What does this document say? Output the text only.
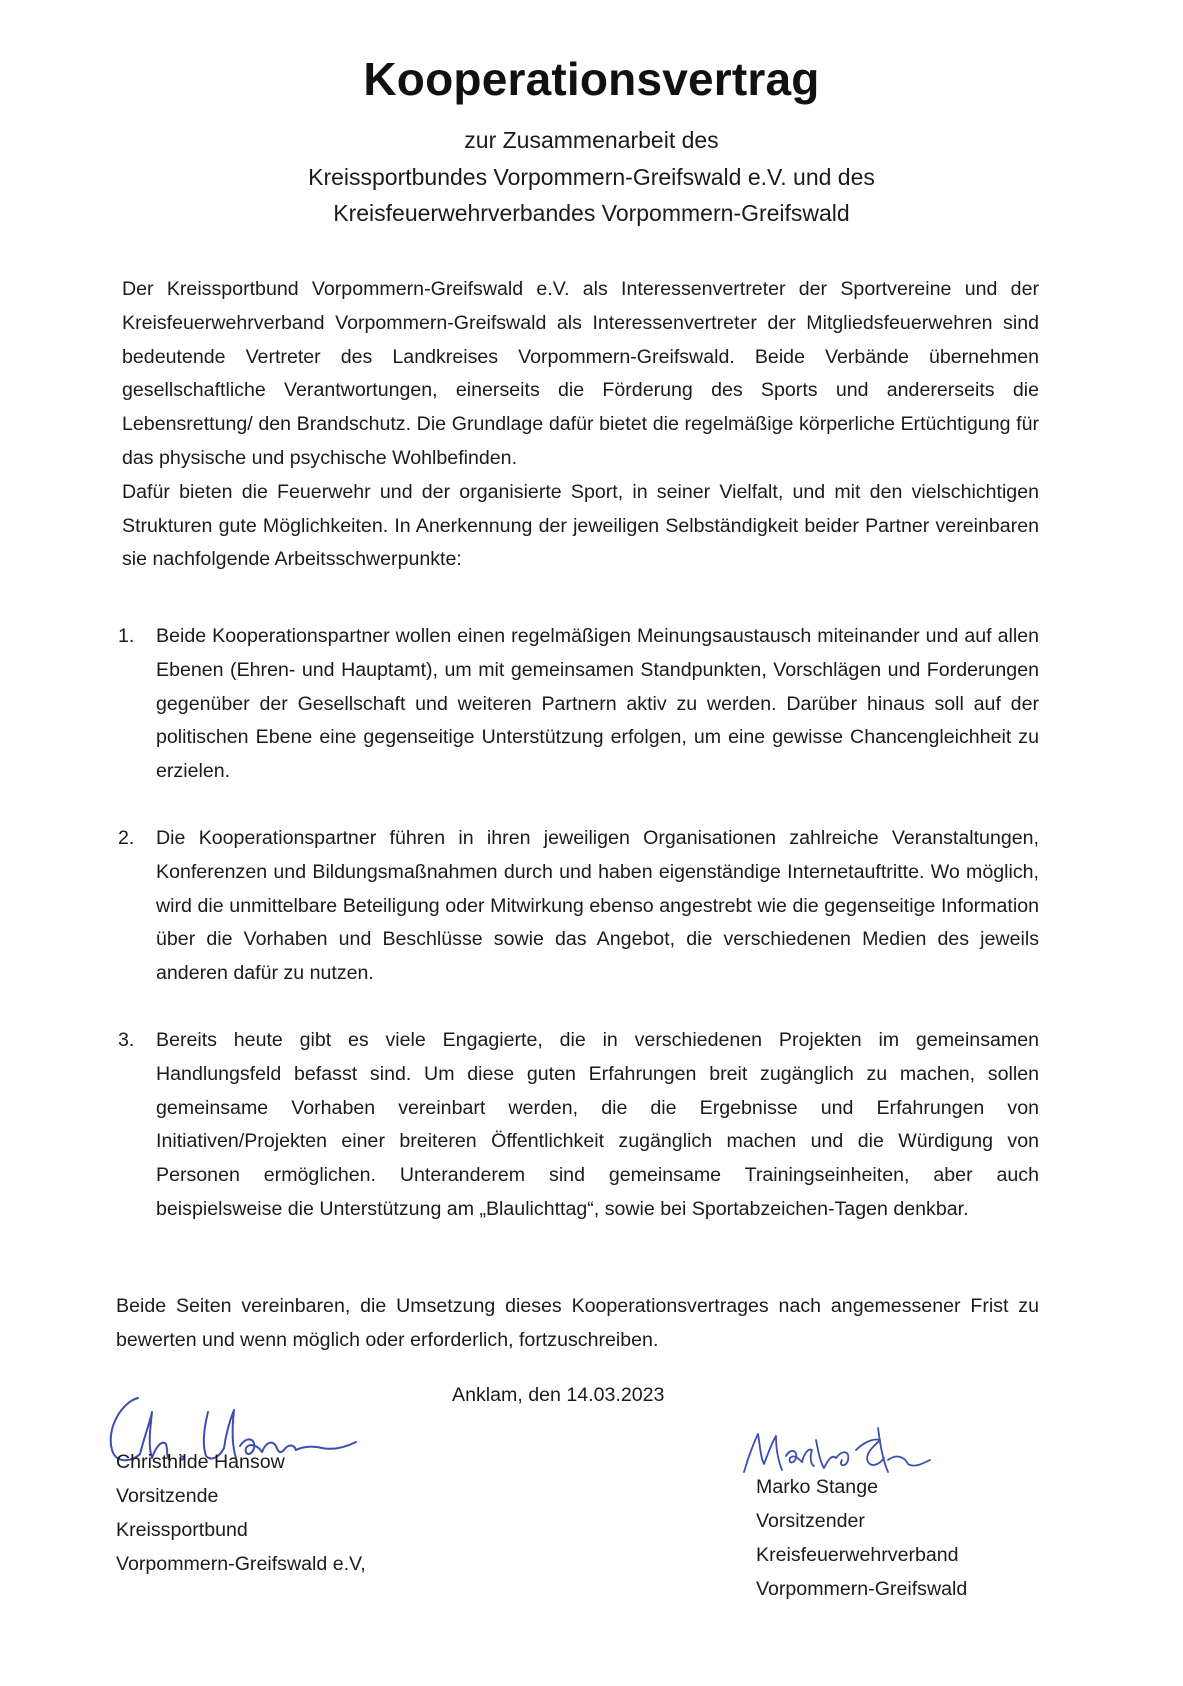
Kooperationsvertrag
zur Zusammenarbeit des
Kreissportbundes Vorpommern-Greifswald e.V. und des
Kreisfeuerwehrverbandes Vorpommern-Greifswald

Der Kreissportbund Vorpommern-Greifswald e.V. als Interessenvertreter der Sportvereine und der Kreisfeuerwehrverband Vorpommern-Greifswald als Interessenvertreter der Mitgliedsfeuerwehren sind bedeutende Vertreter des Landkreises Vorpommern-Greifswald. Beide Verbände übernehmen gesellschaftliche Verantwortungen, einerseits die Förderung des Sports und andererseits die Lebensrettung/ den Brandschutz. Die Grundlage dafür bietet die regelmäßige körperliche Ertüchtigung für das physische und psychische Wohlbefinden.

Dafür bieten die Feuerwehr und der organisierte Sport, in seiner Vielfalt, und mit den vielschichtigen Strukturen gute Möglichkeiten. In Anerkennung der jeweiligen Selbständigkeit beider Partner vereinbaren sie nachfolgende Arbeitsschwerpunkte:

1. Beide Kooperationspartner wollen einen regelmäßigen Meinungsaustausch miteinander und auf allen Ebenen (Ehren- und Hauptamt), um mit gemeinsamen Standpunkten, Vorschlägen und Forderungen gegenüber der Gesellschaft und weiteren Partnern aktiv zu werden. Darüber hinaus soll auf der politischen Ebene eine gegenseitige Unterstützung erfolgen, um eine gewisse Chancengleichheit zu erzielen.
2. Die Kooperationspartner führen in ihren jeweiligen Organisationen zahlreiche Veranstaltungen, Konferenzen und Bildungsmaßnahmen durch und haben eigenständige Internetauftritte. Wo möglich, wird die unmittelbare Beteiligung oder Mitwirkung ebenso angestrebt wie die gegenseitige Information über die Vorhaben und Beschlüsse sowie das Angebot, die verschiedenen Medien des jeweils anderen dafür zu nutzen.
3. Bereits heute gibt es viele Engagierte, die in verschiedenen Projekten im gemeinsamen Handlungsfeld befasst sind. Um diese guten Erfahrungen breit zugänglich zu machen, sollen gemeinsame Vorhaben vereinbart werden, die die Ergebnisse und Erfahrungen von Initiativen/Projekten einer breiteren Öffentlichkeit zugänglich machen und die Würdigung von Personen ermöglichen. Unteranderem sind gemeinsame Trainingseinheiten, aber auch beispielsweise die Unterstützung am „Blaulichttag“, sowie bei Sportabzeichen-Tagen denkbar.
Beide Seiten vereinbaren, die Umsetzung dieses Kooperationsvertrages nach angemessener Frist zu bewerten und wenn möglich oder erforderlich, fortzuschreiben.
Anklam, den 14.03.2023
Christhilde Hansow
Vorsitzende
Kreissportbund
Vorpommern-Greifswald e.V,
Marko Stange
Vorsitzender
Kreisfeuerwehrverband
Vorpommern-Greifswald
